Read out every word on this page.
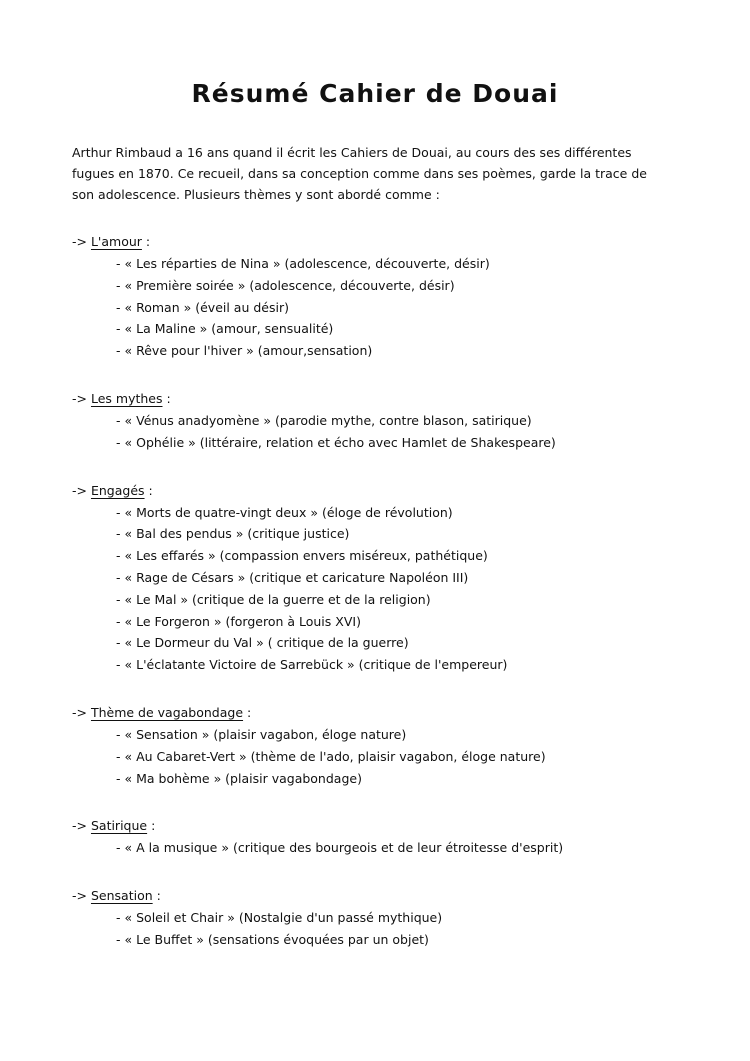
Résumé Cahier de Douai

Arthur Rimbaud a 16 ans quand il écrit les Cahiers de Douai, au cours des ses différentes fugues en 1870. Ce recueil, dans sa conception comme dans ses poèmes, garde la trace de son adolescence. Plusieurs thèmes y sont abordé comme :

-> L'amour :
- « Les réparties de Nina » (adolescence, découverte, désir)
- « Première soirée » (adolescence, découverte, désir)
- « Roman » (éveil au désir)
- « La Maline » (amour, sensualité)
- « Rêve pour l'hiver » (amour,sensation)
-> Les mythes :
- « Vénus anadyomène » (parodie mythe, contre blason, satirique)
- « Ophélie » (littéraire, relation et écho avec Hamlet de Shakespeare)
-> Engagés :
- « Morts de quatre-vingt deux » (éloge de révolution)
- « Bal des pendus » (critique justice)
- « Les effarés » (compassion envers miséreux, pathétique)
- « Rage de Césars » (critique et caricature Napoléon III)
- « Le Mal » (critique de la guerre et de la religion)
- « Le Forgeron » (forgeron à Louis XVI)
- « Le Dormeur du Val » ( critique de la guerre)
- « L'éclatante Victoire de Sarrebück » (critique de l'empereur)
-> Thème de vagabondage :
- « Sensation » (plaisir vagabon, éloge nature)
- « Au Cabaret-Vert » (thème de l'ado, plaisir vagabon, éloge nature)
- « Ma bohème » (plaisir vagabondage)
-> Satirique :
- « A la musique » (critique des bourgeois et de leur étroitesse d'esprit)
-> Sensation :
- « Soleil et Chair » (Nostalgie d'un passé mythique)
- « Le Buffet » (sensations évoquées par un objet)
